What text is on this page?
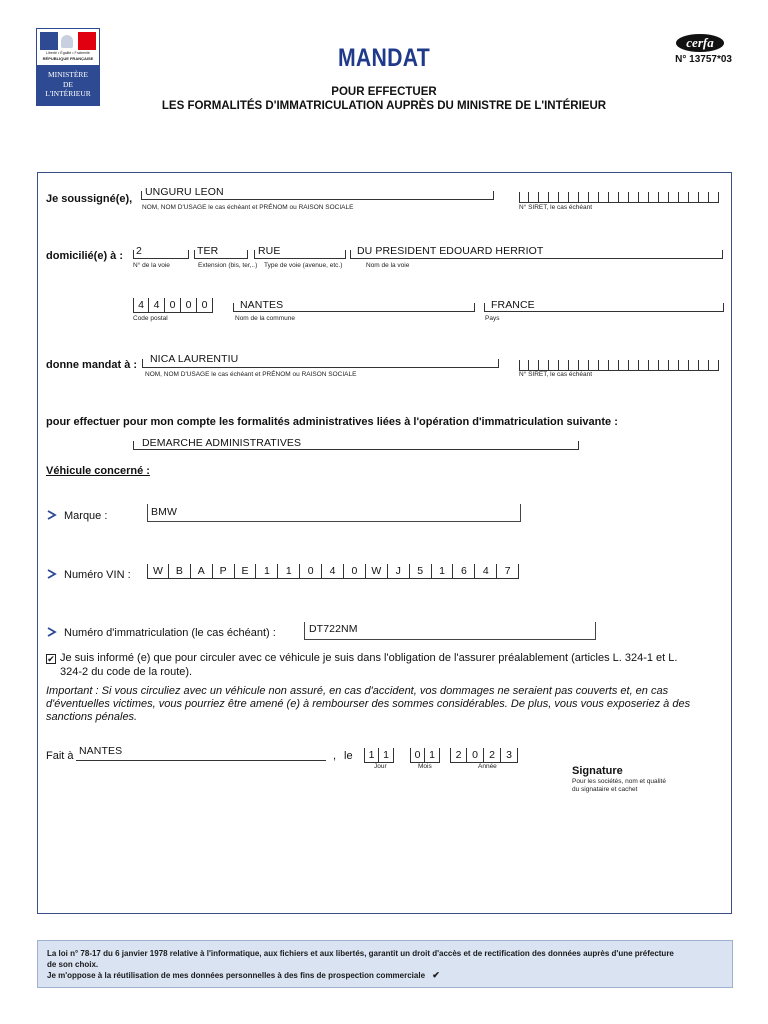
Liberté • Égalité • Fraternité
RÉPUBLIQUE FRANÇAISE
MINISTÈRE
DE
L'INTÉRIEUR
MANDAT
POUR EFFECTUER
LES FORMALITÉS D'IMMATRICULATION AUPRÈS DU MINISTRE DE L'INTÉRIEUR
cerfa
N° 13757*03
Je soussigné(e),
UNGURU LEON
NOM, NOM D'USAGE le cas échéant et PRÉNOM ou RAISON SOCIALE	N° SIRET, le cas échéant
domicilié(e) à : 2
N° de la voie
TER
Extension (bis, ter,..)
RUE
Type de voie (avenue, etc.)
DU PRESIDENT EDOUARD HERRIOT
Nom de la voie
4 4 0 0 0
Code postal
NANTES
Nom de la commune
FRANCE
Pays
donne mandat à : NICA LAURENTIU
NOM, NOM D'USAGE le cas échéant et PRÉNOM ou RAISON SOCIALE	N° SIRET, le cas échéant
pour effectuer pour mon compte les formalités administratives liées à l'opération d'immatriculation suivante :
DEMARCHE ADMINISTRATIVES
Véhicule concerné :
Marque :	BMW
Numéro VIN :	W	B	A	P	E	1	1	0	4	0	W	J	5	1	6	4	7
Numéro d'immatriculation (le cas échéant) :	DT722NM
✔ Je suis informé (e) que pour circuler avec ce véhicule je suis dans l'obligation de l'assurer préalablement (articles L. 324-1 et L.
324-2 du code de la route).
Important : Si vous circuliez avec un véhicule non assuré, en cas d'accident, vos dommages ne seraient pas couverts et, en cas
d'éventuelles victimes, vous pourriez être amené (e) à rembourser des sommes considérables. De plus, vous vous exposeriez à des
sanctions pénales.
Fait à NANTES	, le	1 1
Jour
0 1
Mois
2	0	2	3
Année	Signature
Pour les sociétés, nom et qualité
du signataire et cachet
La loi n° 78-17 du 6 janvier 1978 relative à l'informatique, aux fichiers et aux libertés, garantit un droit d'accès et de rectification des données auprès d'une préfecture
de son choix.
Je m'oppose à la réutilisation de mes données personnelles à des fins de prospection commerciale ✔
